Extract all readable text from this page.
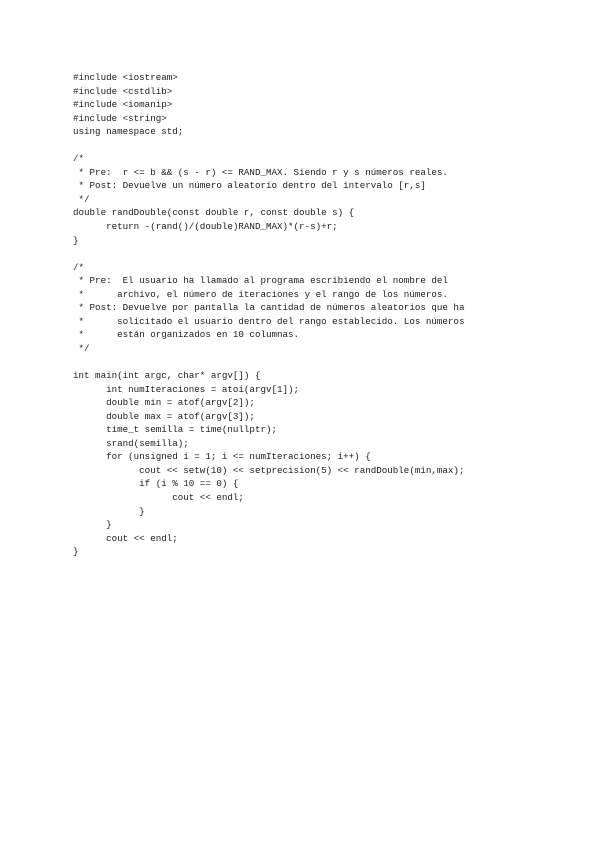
#include <iostream>
#include <cstdlib>
#include <iomanip>
#include <string>
using namespace std;
/*
* Pre:  r <= b && (s - r) <= RAND_MAX. Siendo r y s números reales.
* Post: Devuelve un número aleatorio dentro del intervalo [r,s]
*/
double randDouble(const double r, const double s) {
return -(rand()/(double)RAND_MAX)*(r-s)+r;
}
/*
* Pre:  El usuario ha llamado al programa escribiendo el nombre del
*      archivo, el número de iteraciones y el rango de los números.
* Post: Devuelve por pantalla la cantidad de números aleatorios que ha
*      solicitado el usuario dentro del rango establecido. Los números
*      están organizados en 10 columnas.
*/
int main(int argc, char* argv[]) {
int numIteraciones = atoi(argv[1]);
double min = atof(argv[2]);
double max = atof(argv[3]);
time_t semilla = time(nullptr);
srand(semilla);
for (unsigned i = 1; i <= numIteraciones; i++) {
cout << setw(10) << setprecision(5) << randDouble(min,max);
if (i % 10 == 0) {
cout << endl;
}
}
cout << endl;
}
